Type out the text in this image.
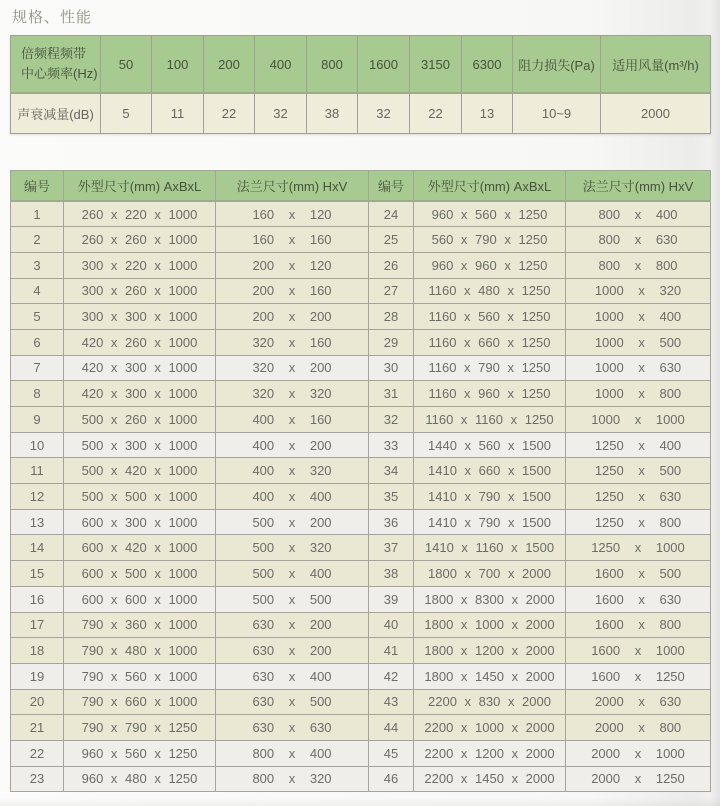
规格、性能
倍频程频带
中心频率(Hz)	50	100	200	400	800	1600	3150	6300	阻力损失(Pa)	适用风量(m³/h)
声衰减量(dB)	5	11	22	32	38	32	22	13	10~9	2000
编号	外型尺寸(mm) AxBxL	法兰尺寸(mm) HxV	编号	外型尺寸(mm) AxBxL	法兰尺寸(mm) HxV
1	260 x 220 x 1000	160 x 120	24	960 x 560 x 1250	800 x 400
2	260 x 260 x 1000	160 x 160	25	560 x 790 x 1250	800 x 630
3	300 x 220 x 1000	200 x 120	26	960 x 960 x 1250	800 x 800
4	300 x 260 x 1000	200 x 160	27	1160 x 480 x 1250	1000 x 320
5	300 x 300 x 1000	200 x 200	28	1160 x 560 x 1250	1000 x 400
6	420 x 260 x 1000	320 x 160	29	1160 x 660 x 1250	1000 x 500
7	420 x 300 x 1000	320 x 200	30	1160 x 790 x 1250	1000 x 630
8	420 x 300 x 1000	320 x 320	31	1160 x 960 x 1250	1000 x 800
9	500 x 260 x 1000	400 x 160	32	1160 x 1160 x 1250	1000 x 1000
10	500 x 300 x 1000	400 x 200	33	1440 x 560 x 1500	1250 x 400
11	500 x 420 x 1000	400 x 320	34	1410 x 660 x 1500	1250 x 500
12	500 x 500 x 1000	400 x 400	35	1410 x 790 x 1500	1250 x 630
13	600 x 300 x 1000	500 x 200	36	1410 x 790 x 1500	1250 x 800
14	600 x 420 x 1000	500 x 320	37	1410 x 1160 x 1500	1250 x 1000
15	600 x 500 x 1000	500 x 400	38	1800 x 700 x 2000	1600 x 500
16	600 x 600 x 1000	500 x 500	39	1800 x 8300 x 2000	1600 x 630
17	790 x 360 x 1000	630 x 200	40	1800 x 1000 x 2000	1600 x 800
18	790 x 480 x 1000	630 x 200	41	1800 x 1200 x 2000	1600 x 1000
19	790 x 560 x 1000	630 x 400	42	1800 x 1450 x 2000	1600 x 1250
20	790 x 660 x 1000	630 x 500	43	2200 x 830 x 2000	2000 x 630
21	790 x 790 x 1250	630 x 630	44	2200 x 1000 x 2000	2000 x 800
22	960 x 560 x 1250	800 x 400	45	2200 x 1200 x 2000	2000 x 1000
23	960 x 480 x 1250	800 x 320	46	2200 x 1450 x 2000	2000 x 1250
